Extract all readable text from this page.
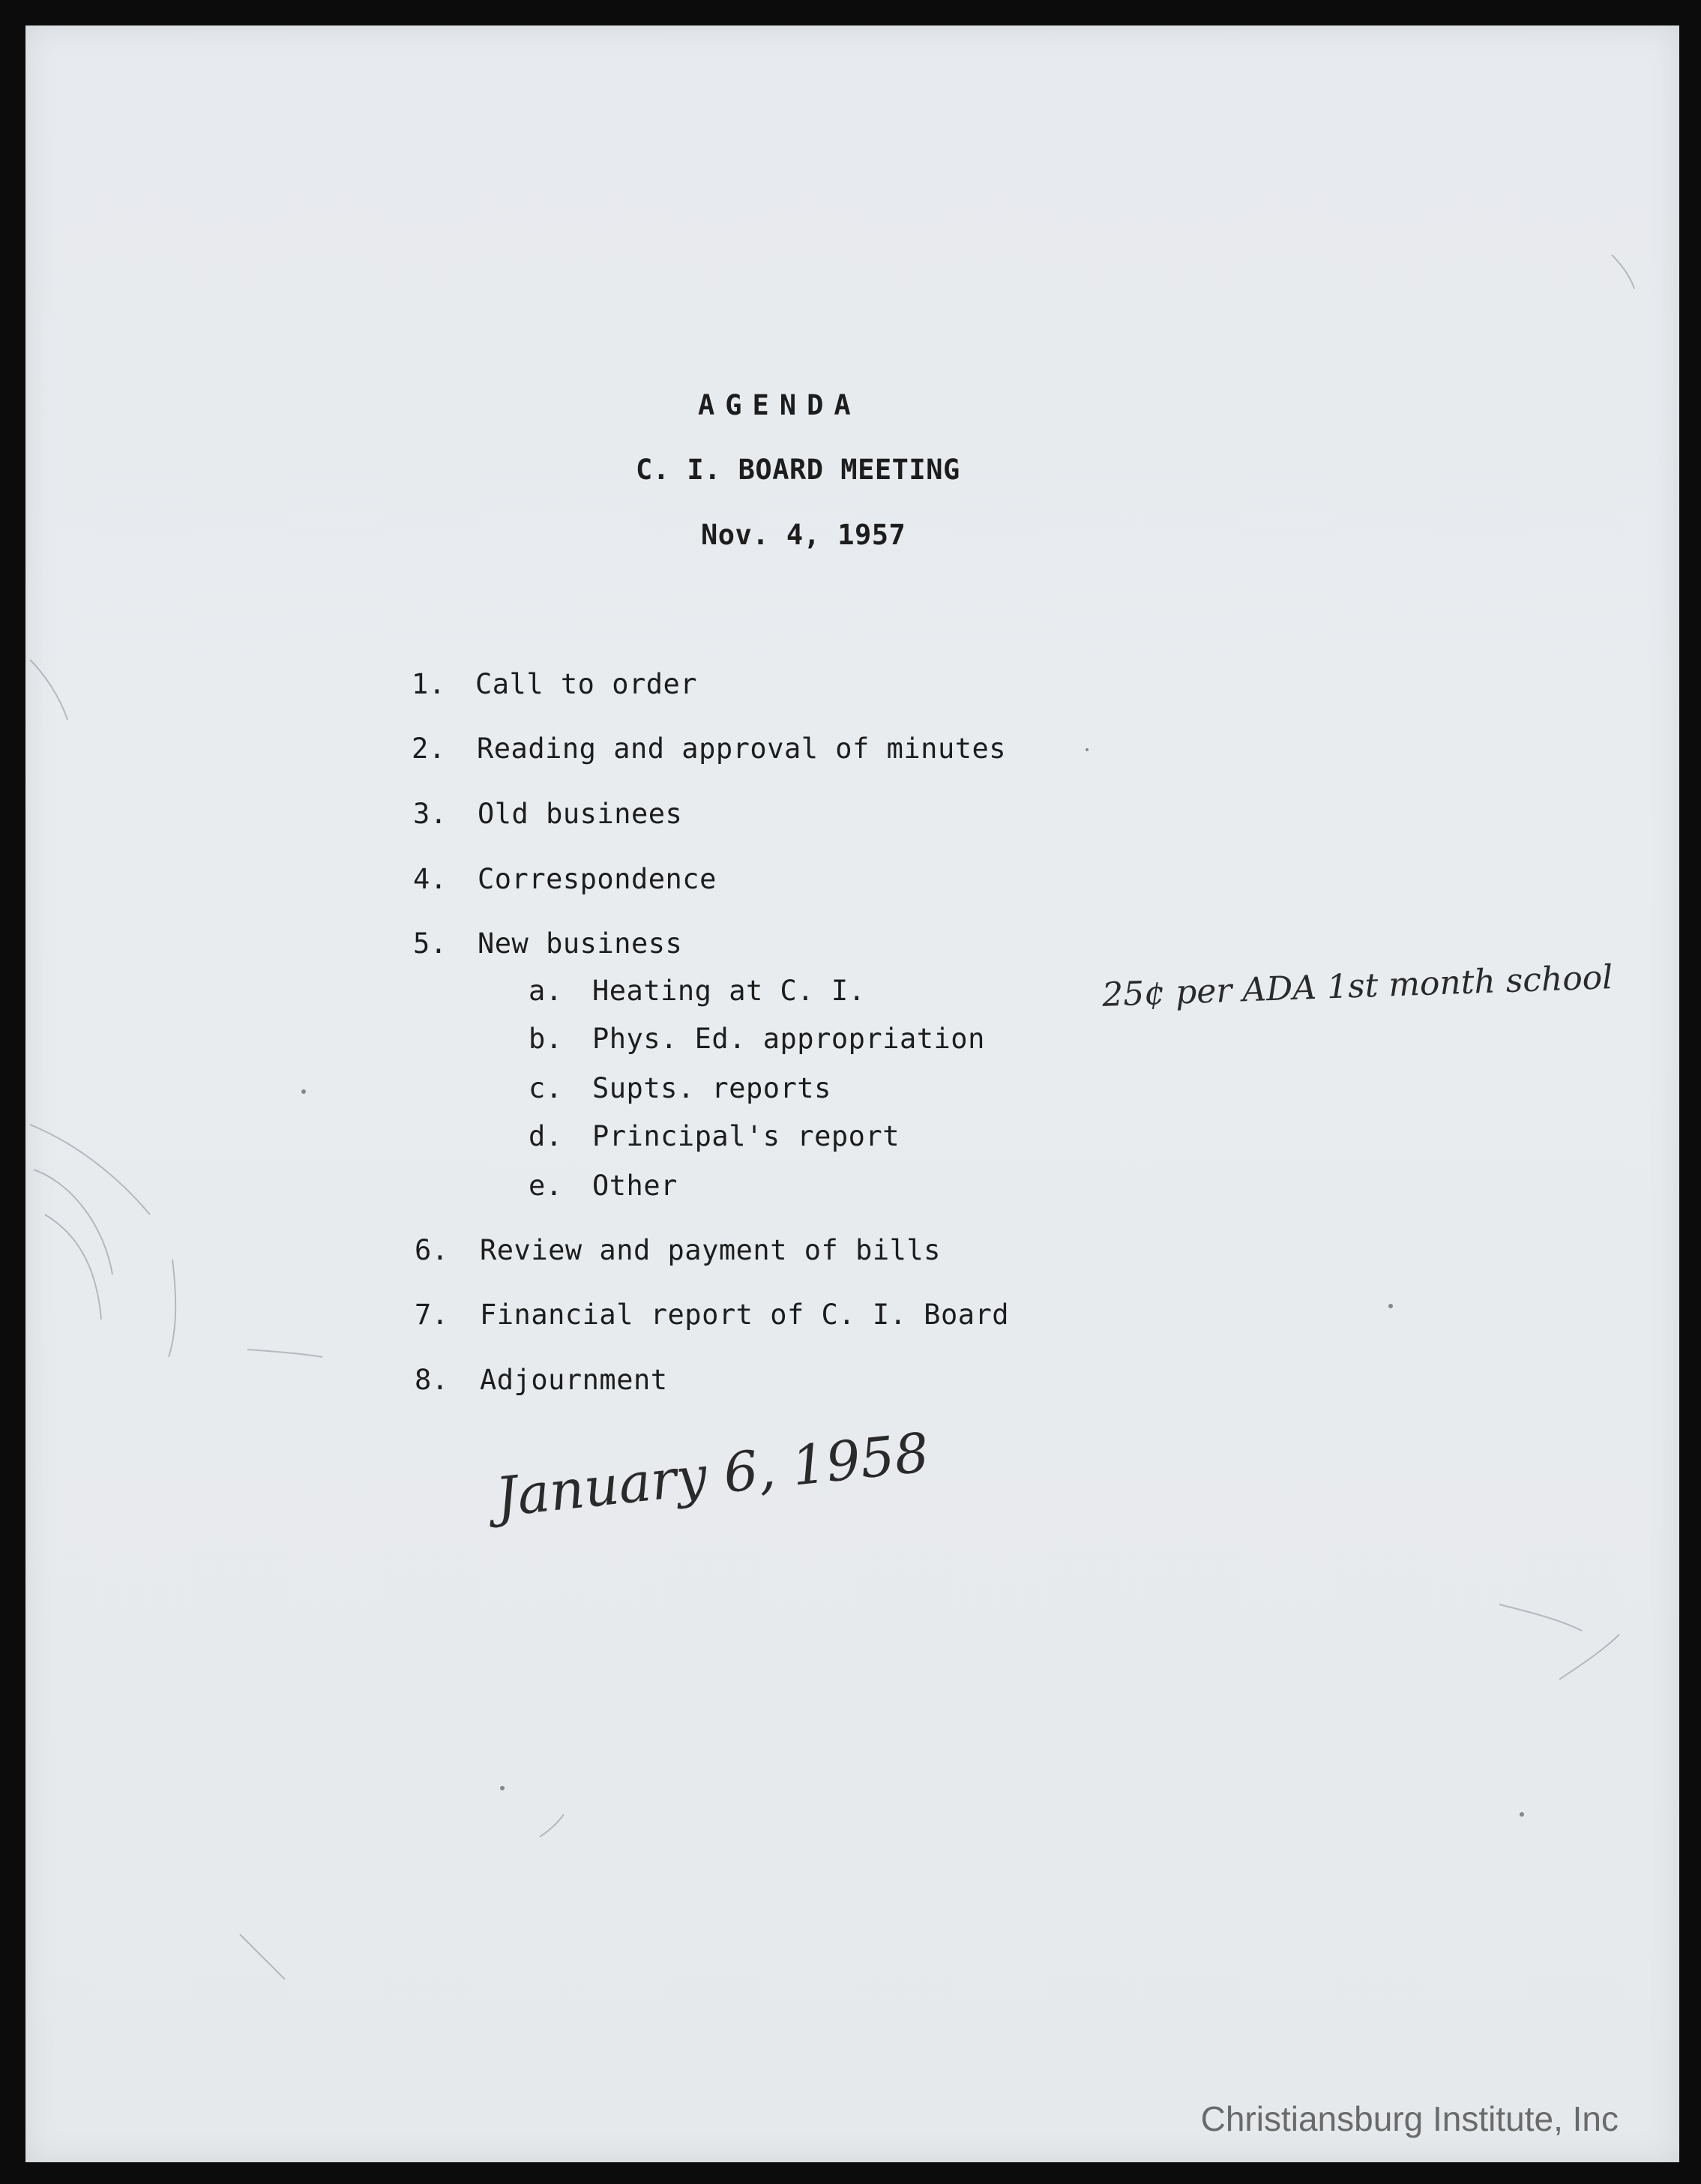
AGENDA
C. I. BOARD MEETING
Nov. 4, 1957
1. Call to order
2. Reading and approval of minutes
3. Old businees
4. Correspondence
5. New business
a. Heating at C. I.
b. Phys. Ed. appropriation
c. Supts. reports
d. Principal's report
e. Other
6. Review and payment of bills
7. Financial report of C. I. Board
8. Adjournment
25¢ per ADA 1st month school
January 6, 1958
Christiansburg Institute, Inc
